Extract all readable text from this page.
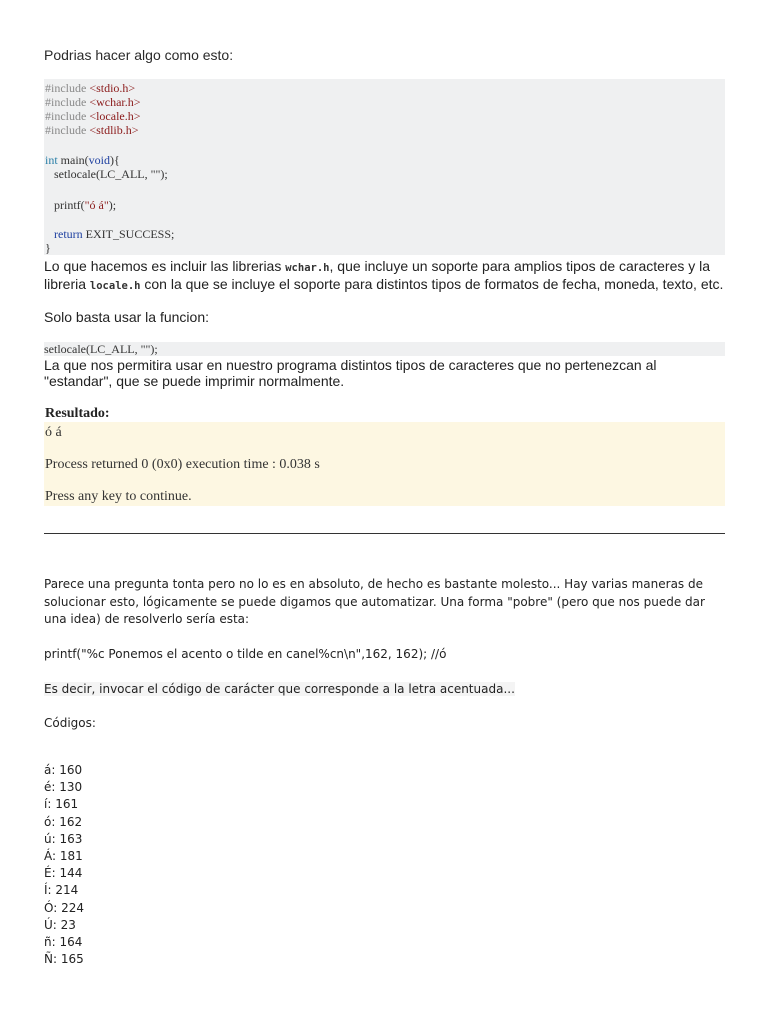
Podrias hacer algo como esto:
#include <stdio.h>
#include <wchar.h>
#include <locale.h>
#include <stdlib.h>
int main(void){
setlocale(LC_ALL, "");
printf("ó á");
return EXIT_SUCCESS;
}
Lo que hacemos es incluir las librerias wchar.h, que incluye un soporte para amplios tipos de caracteres y la libreria locale.h con la que se incluye el soporte para distintos tipos de formatos de fecha, moneda, texto, etc.
Solo basta usar la funcion:
setlocale(LC_ALL, "");
La que nos permitira usar en nuestro programa distintos tipos de caracteres que no pertenezcan al "estandar", que se puede imprimir normalmente.
Resultado:
ó á
Process returned 0 (0x0) execution time : 0.038 s
Press any key to continue.
Parece una pregunta tonta pero no lo es en absoluto, de hecho es bastante molesto... Hay varias maneras de solucionar esto, lógicamente se puede digamos que automatizar. Una forma "pobre" (pero que nos puede dar una idea) de resolverlo sería esta:
printf("%c Ponemos el acento o tilde en canel%cn\n",162, 162); //ó
Es decir, invocar el código de carácter que corresponde a la letra acentuada...
Códigos:
á: 160
é: 130
í: 161
ó: 162
ú: 163
Á: 181
É: 144
Í: 214
Ó: 224
Ú: 23
ñ: 164
Ñ: 165
